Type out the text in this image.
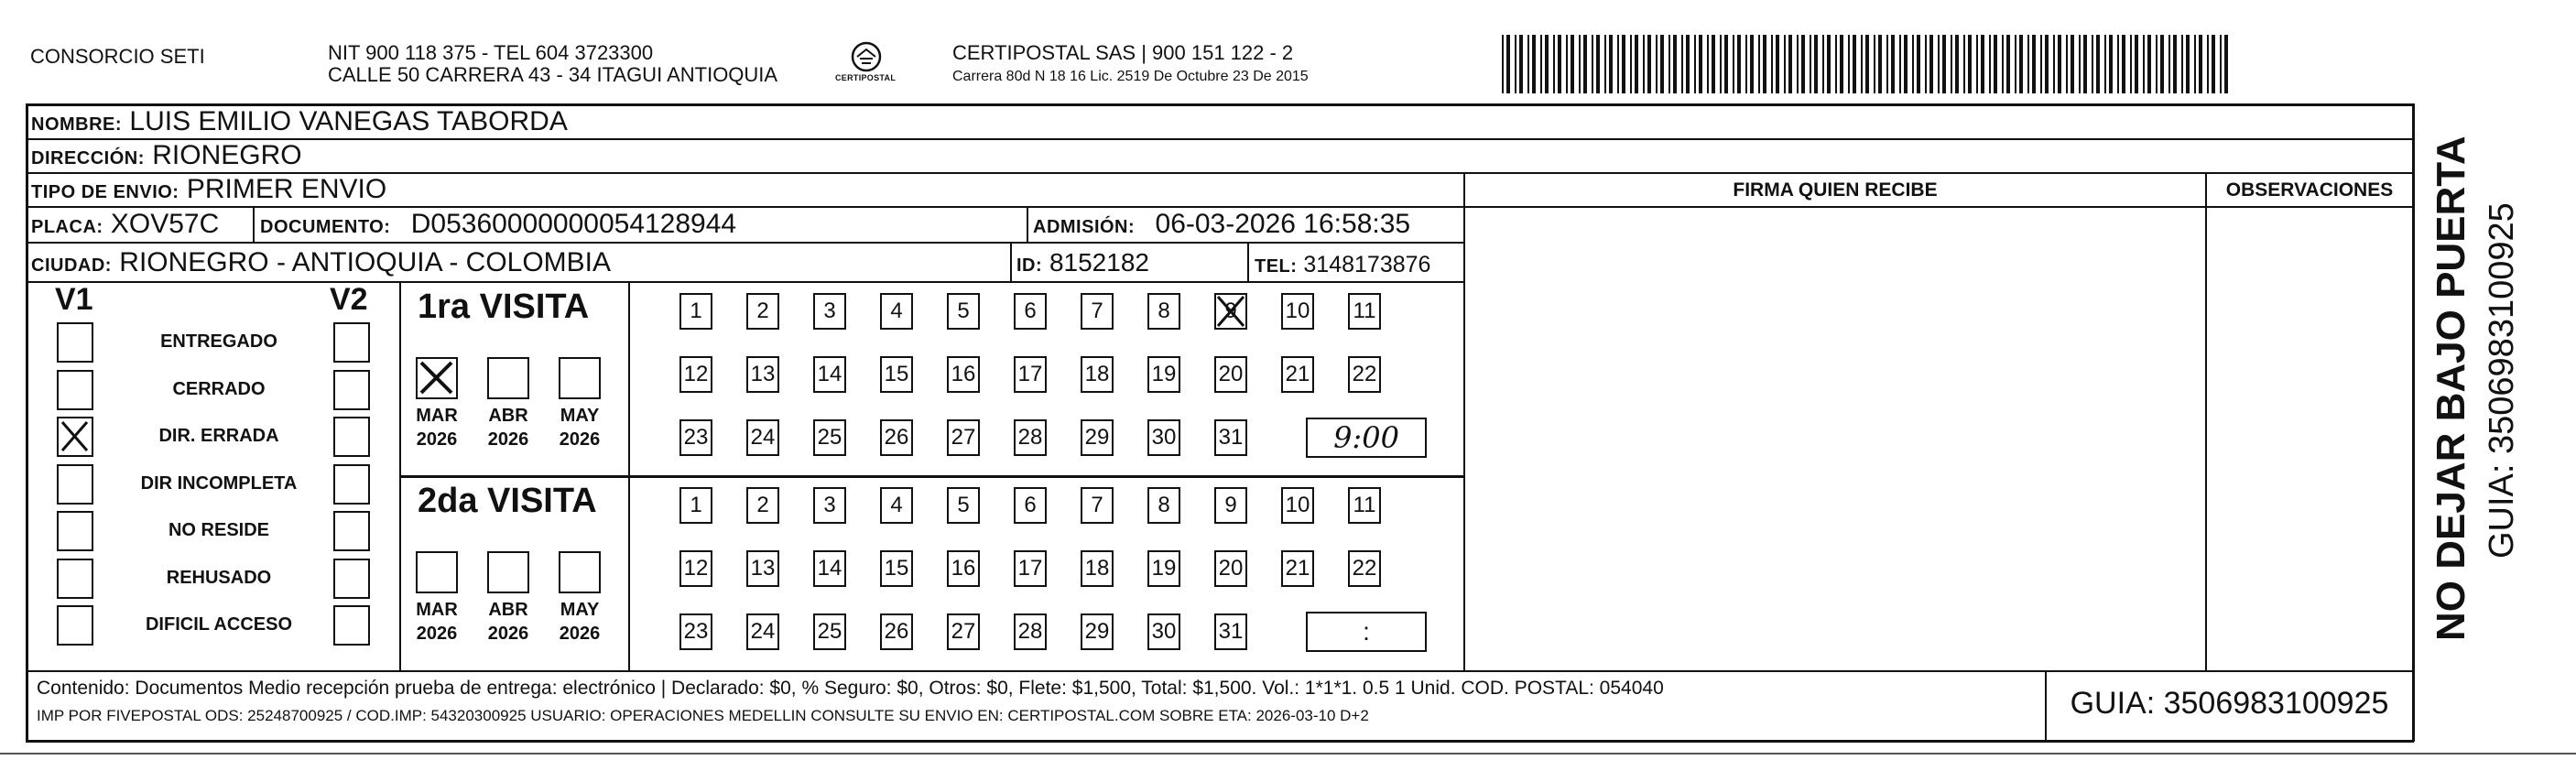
CONSORCIO SETI	NIT 900 118 375 - TEL 604 3723300
CALLE 50 CARRERA 43 - 34 ITAGUI ANTIOQUIA	CERTIPOSTAL
CERTIPOSTAL SAS | 900 151 122 - 2
Carrera 80d N 18 16 Lic. 2519 De Octubre 23 De 2015
NOMBRE: LUIS EMILIO VANEGAS TABORDA
DIRECCIÓN: RIONEGRO
TIPO DE ENVIO: PRIMER ENVIO	FIRMA QUIEN RECIBE	OBSERVACIONES
PLACA: XOV57C DOCUMENTO: D05360000000054128944	ADMISIÓN: 06-03-2026 16:58:35
CIUDAD: RIONEGRO - ANTIOQUIA - COLOMBIA	ID: 8152182	TEL: 3148173876
V1	V2
ENTREGADO
CERRADO
DIR. ERRADA
DIR INCOMPLETA
NO RESIDE
REHUSADO
DIFICIL ACCESO
1ra VISITA
MAR
2026
ABR
2026
MAY
2026
1	2	3	4	5	6	7	8	9	10 11
12 13 14 15 16 17 18 19 20 21 22
23 24 25 26 27 28 29 30 31	9:00
2da VISITA
MAR
2026
ABR
2026
MAY
2026
1	2	3	4	5	6	7	8	9	10 11
12 13 14 15 16 17 18 19 20 21 22
23 24 25 26 27 28 29 30 31	:
Contenido: Documentos Medio recepción prueba de entrega: electrónico | Declarado: $0, % Seguro: $0, Otros: $0, Flete: $1,500, Total: $1,500. Vol.: 1*1*1. 0.5 1 Unid. COD. POSTAL: 054040
IMP POR FIVEPOSTAL ODS: 25248700925 / COD.IMP: 54320300925 USUARIO: OPERACIONES MEDELLIN CONSULTE SU ENVIO EN: CERTIPOSTAL.COM SOBRE ETA: 2026-03-10 D+2	GUIA: 3506983100925
NO DEJAR BAJO PUERTA GUIA: 3506983100925
